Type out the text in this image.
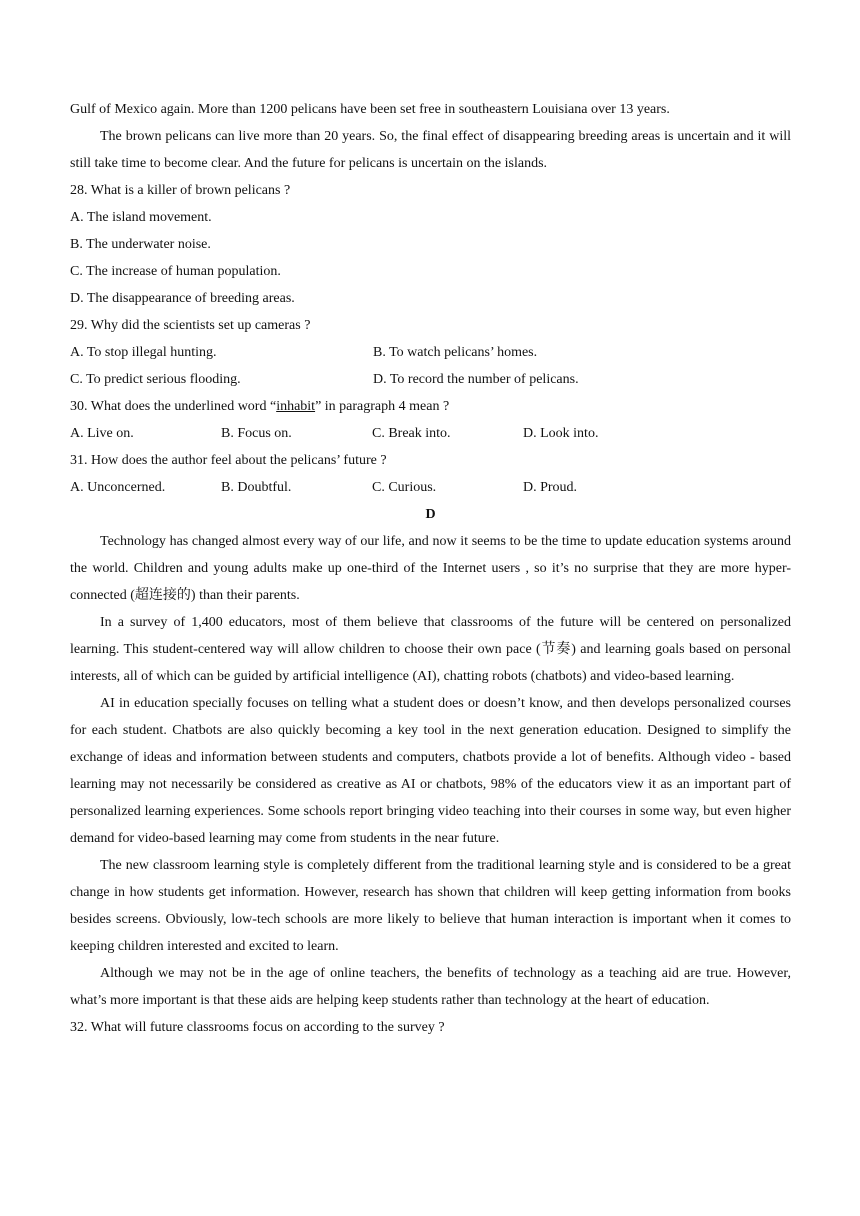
Gulf of Mexico again. More than 1200 pelicans have been set free in southeastern Louisiana over 13 years.

The brown pelicans can live more than 20 years. So, the final effect of disappearing breeding areas is uncertain and it will still take time to become clear. And the future for pelicans is uncertain on the islands.

28. What is a killer of brown pelicans ?

A. The island movement.

B. The underwater noise.

C. The increase of human population.

D. The disappearance of breeding areas.

29. Why did the scientists set up cameras ?

A. To stop illegal hunting.	B. To watch pelicans’ homes.
C. To predict serious flooding.	D. To record the number of pelicans.

30. What does the underlined word “inhabit” in paragraph 4 mean ?

A. Live on.	B. Focus on.	C. Break into.	D. Look into.

31. How does the author feel about the pelicans’ future ?

A. Unconcerned.	B. Doubtful.	C. Curious.	D. Proud.

D

Technology has changed almost every way of our life, and now it seems to be the time to update education systems around the world. Children and young adults make up one-third of the Internet users , so it’s no surprise that they are more hyper-connected (超连接的) than their parents.

In a survey of 1,400 educators, most of them believe that classrooms of the future will be centered on personalized learning. This student-centered way will allow children to choose their own pace (节奏) and learning goals based on personal interests, all of which can be guided by artificial intelligence (AI), chatting robots (chatbots) and video-based learning.

AI in education specially focuses on telling what a student does or doesn’t know, and then develops personalized courses for each student. Chatbots are also quickly becoming a key tool in the next generation education. Designed to simplify the exchange of ideas and information between students and computers, chatbots provide a lot of benefits. Although video - based learning may not necessarily be considered as creative as AI or chatbots, 98% of the educators view it as an important part of personalized learning experiences. Some schools report bringing video teaching into their courses in some way, but even higher demand for video-based learning may come from students in the near future.

The new classroom learning style is completely different from the traditional learning style and is considered to be a great change in how students get information. However, research has shown that children will keep getting information from books besides screens. Obviously, low-tech schools are more likely to believe that human interaction is important when it comes to keeping children interested and excited to learn.

Although we may not be in the age of online teachers, the benefits of technology as a teaching aid are true. However, what’s more important is that these aids are helping keep students rather than technology at the heart of education.

32. What will future classrooms focus on according to the survey ?
